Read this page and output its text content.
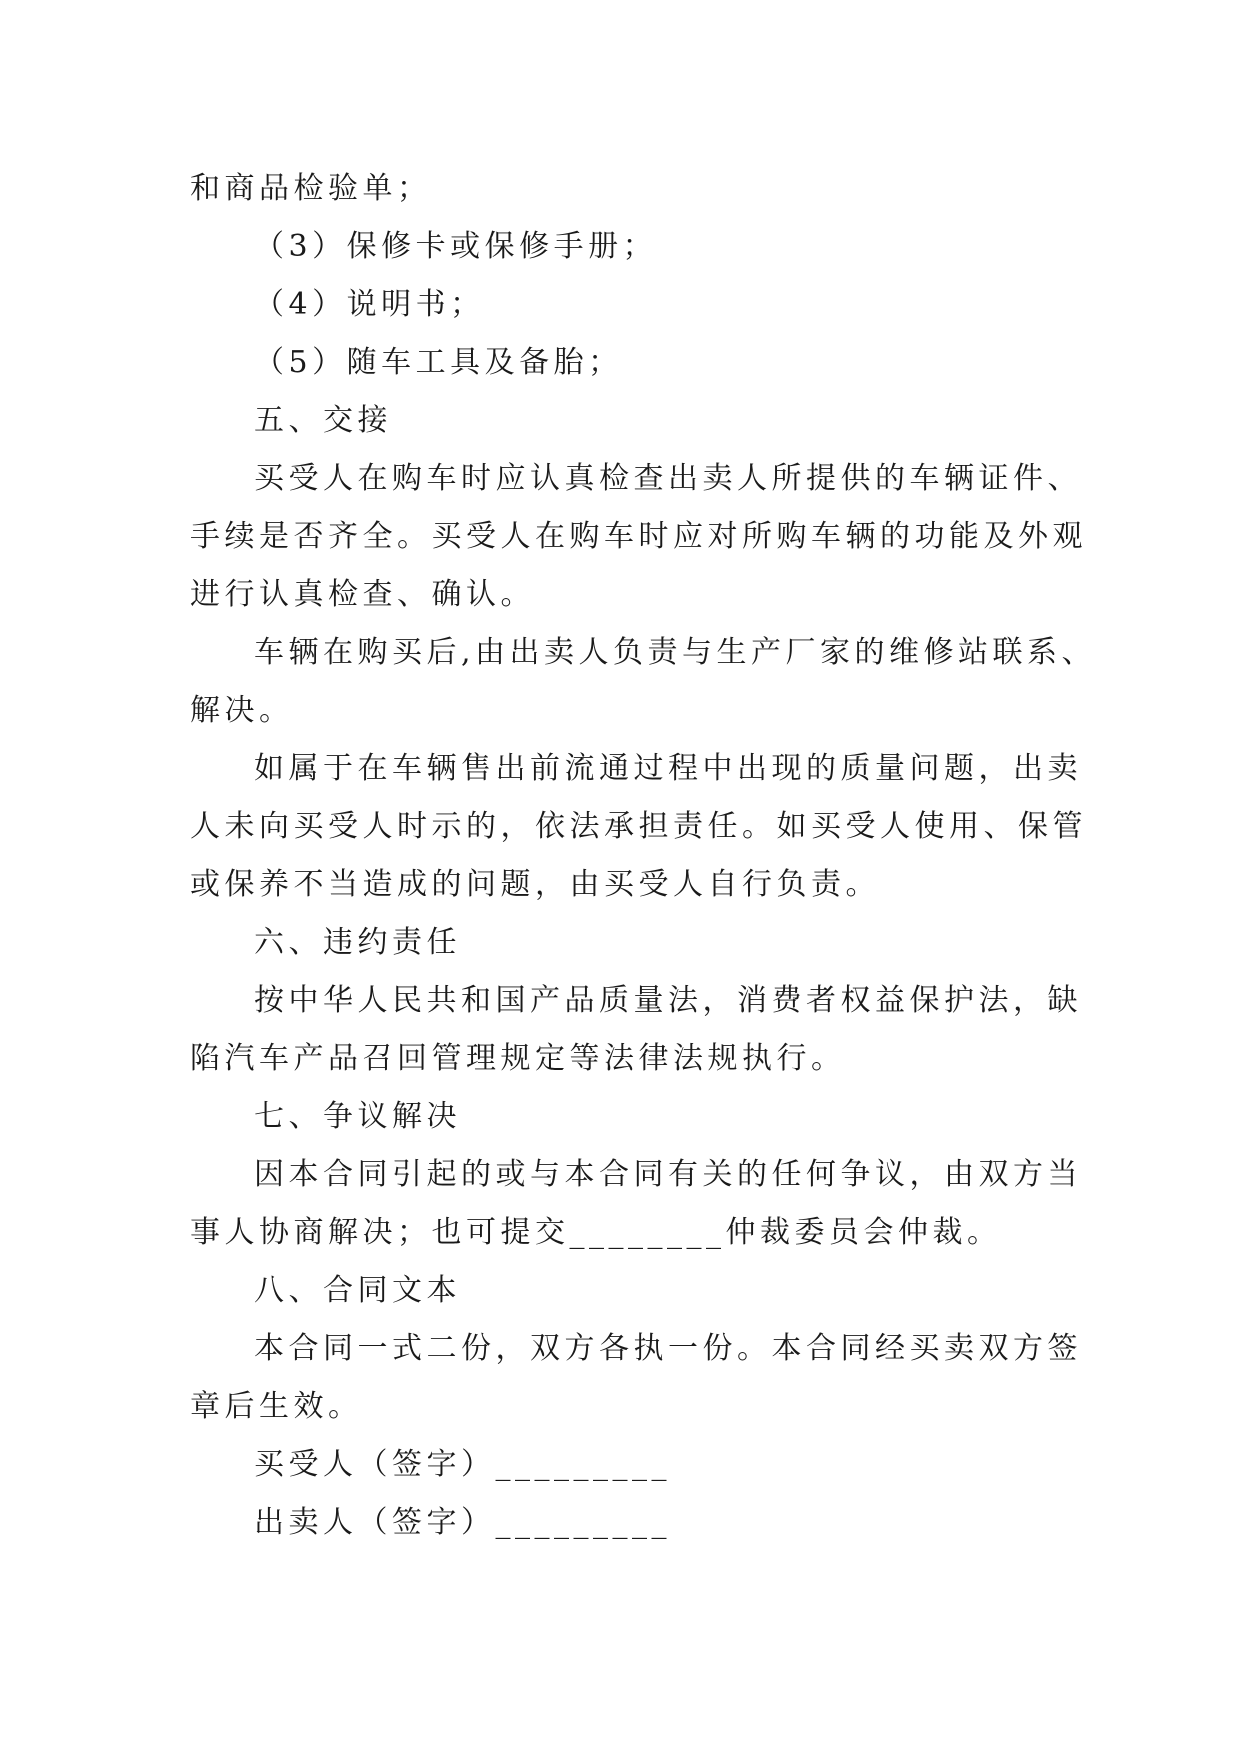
和商品检验单；
（3）保修卡或保修手册；
（4）说明书；
（5）随车工具及备胎；
五、交接
买受人在购车时应认真检查出卖人所提供的车辆证件、
手续是否齐全。买受人在购车时应对所购车辆的功能及外观
进行认真检查、确认。
车辆在购买后,由出卖人负责与生产厂家的维修站联系、
解决。
如属于在车辆售出前流通过程中出现的质量问题，出卖
人未向买受人时示的，依法承担责任。如买受人使用、保管
或保养不当造成的问题，由买受人自行负责。
六、违约责任
按中华人民共和国产品质量法，消费者权益保护法，缺
陷汽车产品召回管理规定等法律法规执行。
七、争议解决
因本合同引起的或与本合同有关的任何争议，由双方当
事人协商解决；也可提交________仲裁委员会仲裁。
八、合同文本
本合同一式二份，双方各执一份。本合同经买卖双方签
章后生效。
买受人（签字）_________
出卖人（签字）_________
